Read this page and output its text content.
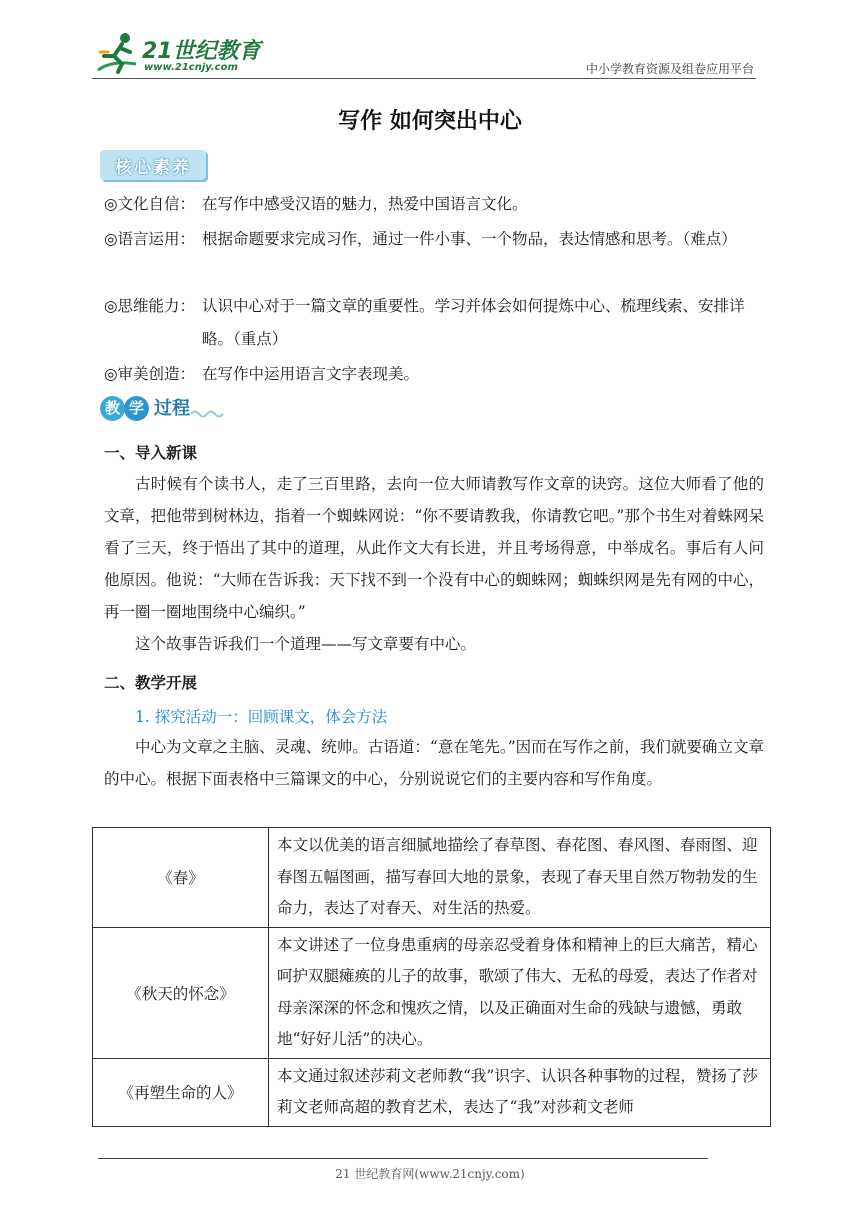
21世纪教育
www.21cnjy.com	中小学教育资源及组卷应用平台
写作 如何突出中心
核心素养
◎文化自信： 在写作中感受汉语的魅力，热爱中国语言文化。
◎语言运用： 根据命题要求完成习作，通过一件小事、一个物品，表达情感和思考。（难点）
◎思维能力： 认识中心对于一篇文章的重要性。学习并体会如何提炼中心、梳理线索、安排详略。（重点）
◎审美创造： 在写作中运用语言文字表现美。
教 学 过程
一、导入新课

古时候有个读书人，走了三百里路，去向一位大师请教写作文章的诀窍。这位大师看了他的文章，把他带到树林边，指着一个蜘蛛网说：“你不要请教我，你请教它吧。”那个书生对着蛛网呆看了三天，终于悟出了其中的道理，从此作文大有长进，并且考场得意，中举成名。事后有人问他原因。他说：“大师在告诉我：天下找不到一个没有中心的蜘蛛网；蜘蛛织网是先有网的中心，再一圈一圈地围绕中心编织。”

这个故事告诉我们一个道理——写文章要有中心。

二、教学开展
1. 探究活动一：回顾课文，体会方法

中心为文章之主脑、灵魂、统帅。古语道：“意在笔先。”因而在写作之前，我们就要确立文章的中心。根据下面表格中三篇课文的中心，分别说说它们的主要内容和写作角度。

《春》	本文以优美的语言细腻地描绘了春草图、春花图、春风图、春雨图、迎春图五幅图画，描写春回大地的景象，表现了春天里自然万物勃发的生命力，表达了对春天、对生活的热爱。
《秋天的怀念》	本文讲述了一位身患重病的母亲忍受着身体和精神上的巨大痛苦，精心呵护双腿瘫痪的儿子的故事，歌颂了伟大、无私的母爱，表达了作者对母亲深深的怀念和愧疚之情，以及正确面对生命的残缺与遗憾，勇敢地“好好儿活”的决心。
《再塑生命的人》	本文通过叙述莎莉文老师教“我”识字、认识各种事物的过程，赞扬了莎莉文老师高超的教育艺术，表达了“我”对莎莉文老师
21 世纪教育网(www.21cnjy.com)
